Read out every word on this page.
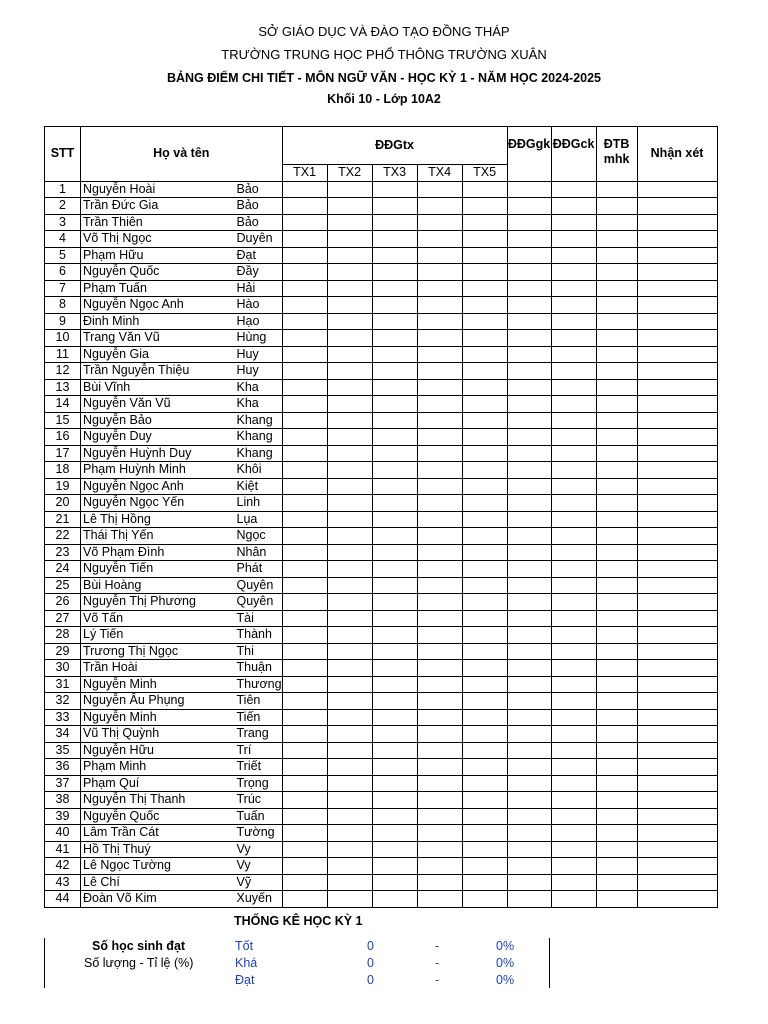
SỞ GIÁO DỤC VÀ ĐÀO TẠO ĐỒNG THÁP
TRƯỜNG TRUNG HỌC PHỔ THÔNG TRƯỜNG XUÂN
BẢNG ĐIỂM CHI TIẾT - MÔN NGỮ VĂN - HỌC KỲ 1 - NĂM HỌC 2024-2025
Khối 10 - Lớp 10A2
STT	Họ và tên		ĐĐGtx					ĐĐGgk	ĐĐGck	ĐTB mhk	Nhận xét
			TX1	TX2	TX3	TX4	TX5				
1	Nguyễn Hoài	Bảo									
2	Trần Đức Gia	Bảo									
3	Trần Thiên	Bảo									
4	Võ Thị Ngọc	Duyên									
5	Phạm Hữu	Đạt									
6	Nguyễn Quốc	Đầy									
7	Phạm Tuấn	Hải									
8	Nguyễn Ngọc Anh	Hào									
9	Đinh Minh	Hạo									
10	Trang Văn Vũ	Hùng									
11	Nguyễn Gia	Huy									
12	Trần Nguyễn Thiệu	Huy									
13	Bùi Vĩnh	Kha									
14	Nguyễn Văn Vũ	Kha									
15	Nguyễn Bảo	Khang									
16	Nguyễn Duy	Khang									
17	Nguyễn Huỳnh Duy	Khang									
18	Phạm Huỳnh Minh	Khôi									
19	Nguyễn Ngọc Anh	Kiệt									
20	Nguyễn Ngọc Yến	Linh									
21	Lê Thị Hồng	Lụa									
22	Thái Thị Yến	Ngọc									
23	Võ Phạm Đình	Nhân									
24	Nguyễn Tiến	Phát									
25	Bùi Hoàng	Quyên									
26	Nguyễn Thị Phương	Quyên									
27	Võ Tấn	Tài									
28	Lý Tiến	Thành									
29	Trương Thị Ngọc	Thi									
30	Trần Hoài	Thuận									
31	Nguyễn Minh	Thương									
32	Nguyễn Âu Phụng	Tiên									
33	Nguyễn Minh	Tiến									
34	Vũ Thị Quỳnh	Trang									
35	Nguyễn Hữu	Trí									
36	Phạm Minh	Triết									
37	Phạm Quí	Trọng									
38	Nguyễn Thị Thanh	Trúc									
39	Nguyễn Quốc	Tuấn									
40	Lâm Trần Cát	Tường									
41	Hồ Thị Thuý	Vy									
42	Lê Ngọc Tường	Vy									
43	Lê Chí	Vỹ									
44	Đoàn Võ Kim	Xuyến									
THỐNG KÊ HỌC KỲ 1
Số học sinh đạt
Số lượng - Tỉ lệ (%)
Tốt	0	-	0%
Khá	0	-	0%
Đạt	0	-	0%
